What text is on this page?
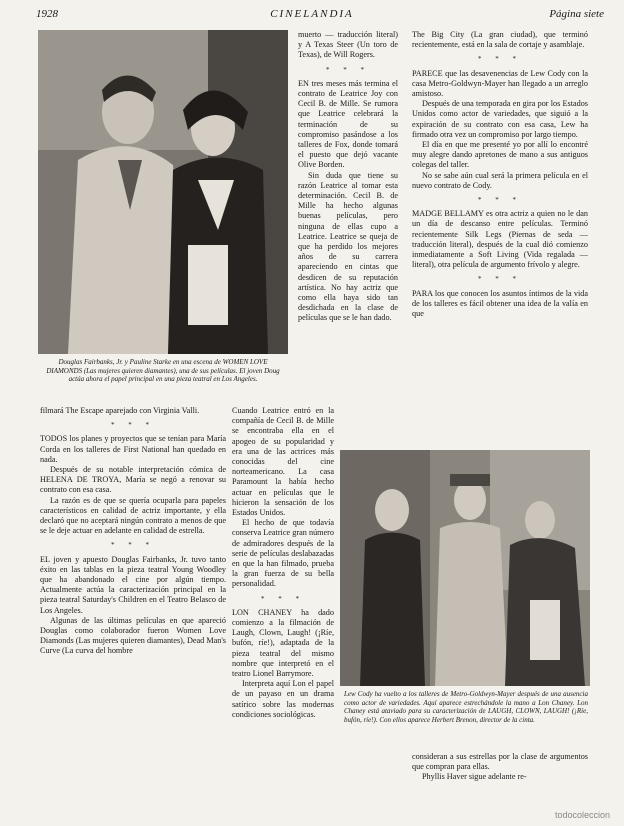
1928	CINELANDIA	Página siete
Douglas Fairbanks, Jr. y Pauline Starke en una escena de WOMEN LOVE DIAMONDS (Las mujeres quieren diamantes), una de sus películas. El joven Doug actúa ahora el papel principal en una pieza teatral en Los Angeles.

filmará The Escape aparejado con Virginia Valli.

* * *

TODOS los planes y proyectos que se tenían para María Corda en los talleres de First National han quedado en nada.

Después de su notable interpretación cómica de HELENA DE TROYA, María se negó a renovar su contrato con esa casa.

La razón es de que se quería ocuparla para papeles característicos en calidad de actriz importante, y ella declaró que no aceptará ningún contrato a menos de que se le deje actuar en adelante en calidad de estrella.

* * *

EL joven y apuesto Douglas Fairbanks, Jr. tuvo tanto éxito en las tablas en la pieza teatral Young Woodley que ha abandonado el cine por algún tiempo. Actualmente actúa la caracterización principal en la pieza teatral Saturday's Children en el Teatro Belasco de Los Angeles.

Algunas de las últimas películas en que apareció Douglas como colaborador fueron Women Love Diamonds (Las mujeres quieren diamantes), Dead Man's Curve (La curva del hombre

muerto — traducción literal) y A Texas Steer (Un toro de Texas), de Will Rogers.

* * *

EN tres meses más termina el contrato de Leatrice Joy con Cecil B. de Mille. Se rumora que Leatrice celebrará la terminación de su compromiso pasándose a los talleres de Fox, donde tomará el puesto que dejó vacante Olive Borden.

Sin duda que tiene su razón Leatrice al tomar esta determinación. Cecil B. de Mille ha hecho algunas buenas películas, pero ninguna de ellas cupo a Leatrice. Leatrice se queja de que ha perdido los mejores años de su carrera apareciendo en cintas que desdicen de su reputación artística. No hay actriz que como ella haya sido tan desdichada en la clase de películas que se le han dado.

The Big City (La gran ciudad), que terminó recientemente, está en la sala de cortaje y asamblaje.

* * *

PARECE que las desavenencias de Lew Cody con la casa Metro-Goldwyn-Mayer han llegado a un arreglo amistoso.

Después de una temporada en gira por los Estados Unidos como actor de variedades, que siguió a la expiración de su contrato con esa casa, Lew ha firmado otra vez un compromiso por largo tiempo.

El día en que me presenté yo por allí lo encontré muy alegre dando apretones de mano a sus antiguos colegas del taller.

No se sabe aún cual será la primera película en el nuevo contrato de Cody.

* * *

MADGE BELLAMY es otra actriz a quien no le dan un día de descanso entre películas. Terminó recientemente Silk Legs (Piernas de seda — traducción literal), después de la cual dió comienzo inmediatamente a Soft Living (Vida regalada — literal), otra película de argumento frívolo y alegre.

* * *

PARA los que conocen los asuntos íntimos de la vida de los talleres es fácil obtener una idea de la valía en que

Lew Cody ha vuelto a los talleres de Metro-Goldwyn-Mayer después de una ausencia como actor de variedades. Aquí aparece estrechándole la mano a Lon Chaney. Lon Chaney está ataviado para su caracterización de LAUGH, CLOWN, LAUGH! (¡Ríe, bufón, ríe!). Con ellos aparece Herbert Brenon, director de la cinta.

consideran a sus estrellas por la clase de argumentos que compran para ellas.

Phyllis Haver sigue adelante re-

Cuando Leatrice entró en la compañía de Cecil B. de Mille se encontraba ella en el apogeo de su popularidad y era una de las actrices más conocidas del cine norteamericano. La casa Paramount la había hecho actuar en películas que le hicieron la sensación de los Estados Unidos.

El hecho de que todavía conserva Leatrice gran número de admiradores después de la serie de películas deslabazadas en que la han filmado, prueba la gran fuerza de su bella personalidad.

* * *

LON CHANEY ha dado comienzo a la filmación de Laugh, Clown, Laugh! (¡Ríe, bufón, ríe!), adaptada de la pieza teatral del mismo nombre que interpretó en el teatro Lionel Barrymore.

Interpreta aquí Lon el papel de un payaso en un drama satírico sobre las modernas condiciones sociológicas.

todocoleccion
